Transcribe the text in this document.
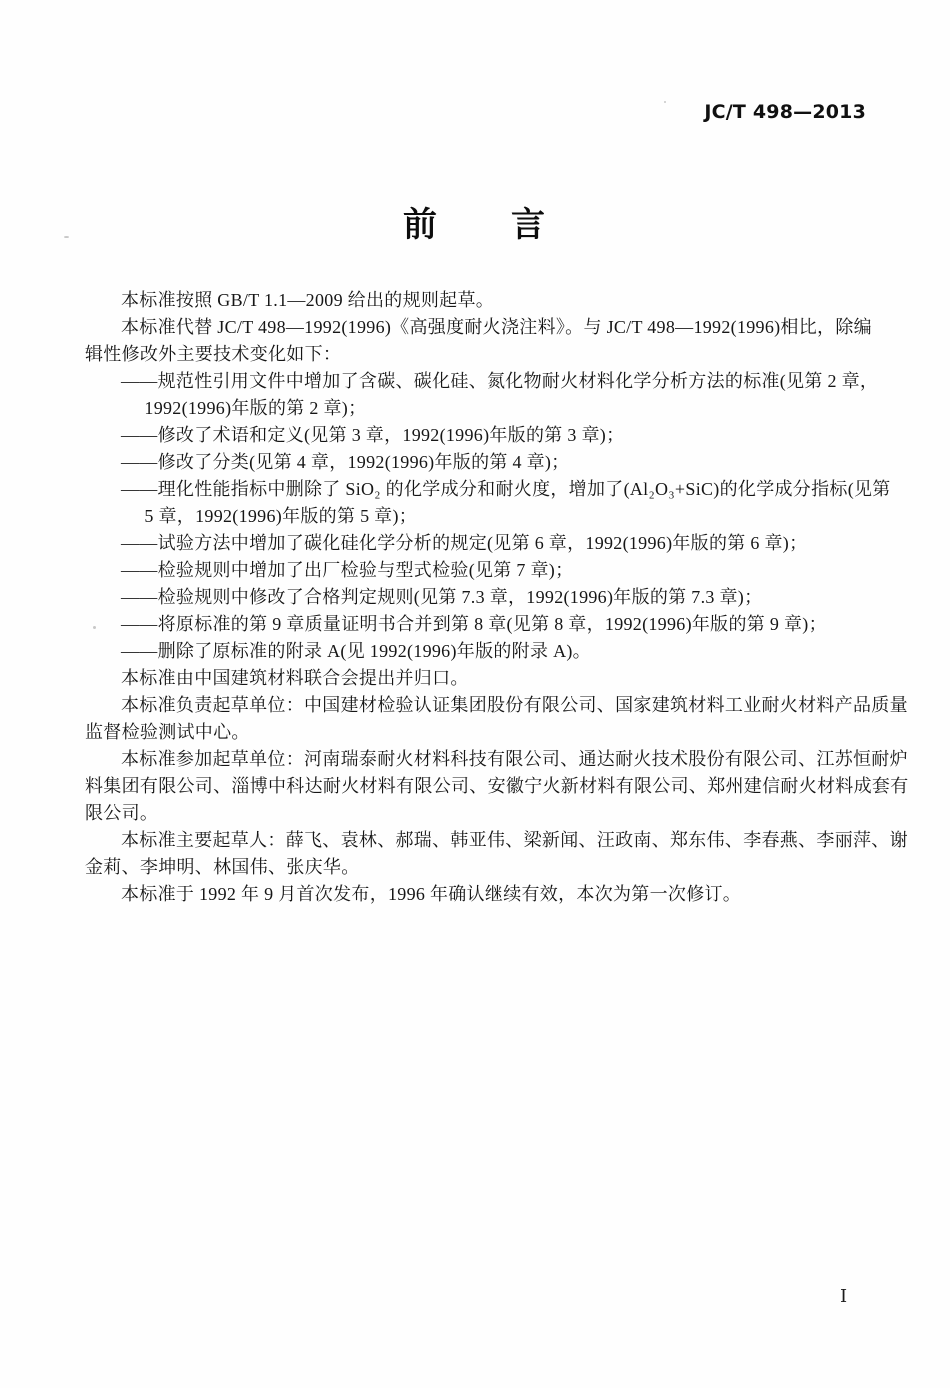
JC/T 498—2013
前　　言
本标准按照 GB/T 1.1—2009 给出的规则起草。
本标准代替 JC/T 498—1992(1996)《高强度耐火浇注料》。与 JC/T 498—1992(1996)相比，除编
辑性修改外主要技术变化如下：
——规范性引用文件中增加了含碳、碳化硅、氮化物耐火材料化学分析方法的标准(见第 2 章，
1992(1996)年版的第 2 章)；
——修改了术语和定义(见第 3 章，1992(1996)年版的第 3 章)；
——修改了分类(见第 4 章，1992(1996)年版的第 4 章)；
——理化性能指标中删除了 SiO₂ 的化学成分和耐火度，增加了(Al₂O₃+SiC)的化学成分指标(见第
5 章，1992(1996)年版的第 5 章)；
——试验方法中增加了碳化硅化学分析的规定(见第 6 章，1992(1996)年版的第 6 章)；
——检验规则中增加了出厂检验与型式检验(见第 7 章)；
——检验规则中修改了合格判定规则(见第 7.3 章，1992(1996)年版的第 7.3 章)；
——将原标准的第 9 章质量证明书合并到第 8 章(见第 8 章，1992(1996)年版的第 9 章)；
——删除了原标准的附录 A(见 1992(1996)年版的附录 A)。
本标准由中国建筑材料联合会提出并归口。
本标准负责起草单位：中国建材检验认证集团股份有限公司、国家建筑材料工业耐火材料产品质量
监督检验测试中心。
本标准参加起草单位：河南瑞泰耐火材料科技有限公司、通达耐火技术股份有限公司、江苏恒耐炉
料集团有限公司、淄博中科达耐火材料有限公司、安徽宁火新材料有限公司、郑州建信耐火材料成套有
限公司。
本标准主要起草人：薛飞、袁林、郝瑞、韩亚伟、梁新闻、汪政南、郑东伟、李春燕、李丽萍、谢
金莉、李坤明、林国伟、张庆华。
本标准于 1992 年 9 月首次发布，1996 年确认继续有效，本次为第一次修订。
Ⅰ
